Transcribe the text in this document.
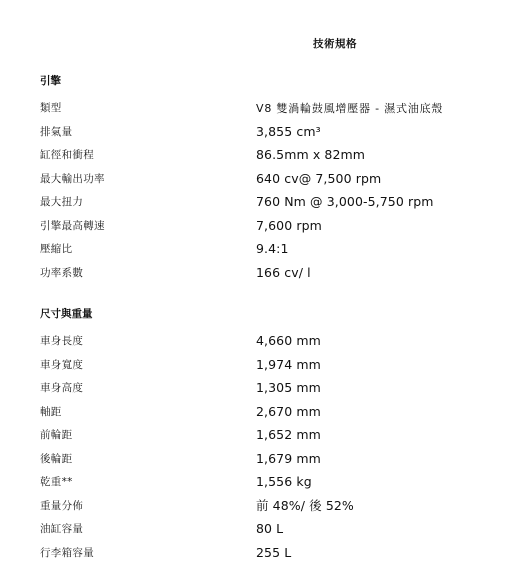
技術規格
引擎
類型	V8 雙渦輪鼓風增壓器 - 濕式油底殼
排氣量	3,855 cm³
缸徑和衝程	86.5mm x 82mm
最大輸出功率	640 cv@ 7,500 rpm
最大扭力	760 Nm @ 3,000-5,750 rpm
引擎最高轉速	7,600 rpm
壓縮比	9.4:1
功率系數	166 cv/ l
尺寸與重量
車身長度	4,660 mm
車身寬度	1,974 mm
車身高度	1,305 mm
軸距	2,670 mm
前輪距	1,652 mm
後輪距	1,679 mm
乾重**	1,556 kg
重量分佈	前 48%/ 後 52%
油缸容量	80 L
行李箱容量	255 L
